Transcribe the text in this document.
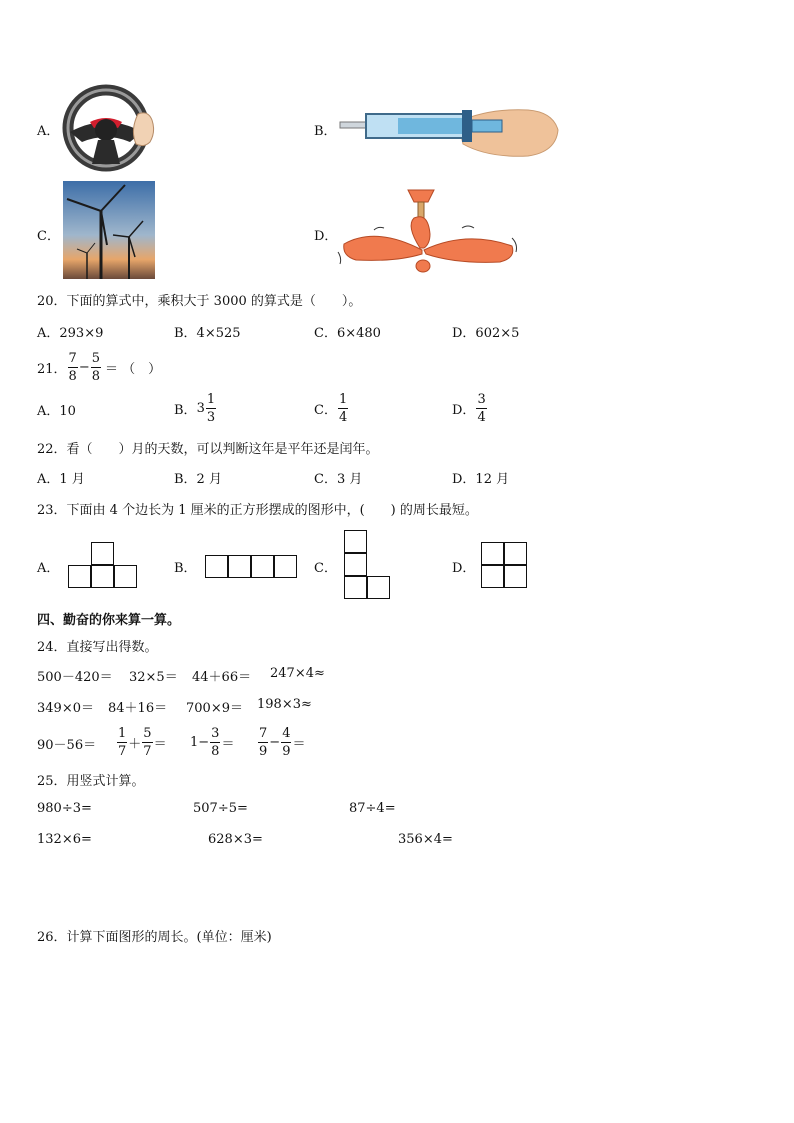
A．	B．
C．	D．
20．下面的算式中，乘积大于 3000 的算式是（　　）。
A．293×9	B．4×525	C．6×480	D．602×5
21． $\frac{7}{8} - \frac{5}{8}$ ＝ （　）
A．10	B． $3 \frac{1}{3}$	C． $\frac{1}{4}$	D． $\frac{3}{4}$
22．看（　　）月的天数，可以判断这年是平年还是闰年。
A．1 月	B．2 月	C．3 月	D．12 月
23．下面由 4 个边长为 1 厘米的正方形摆成的图形中，(　　) 的周长最短。
A．	B．	C．	D．
四、勤奋的你来算一算。
24．直接写出得数。
500－420＝ 32×5＝ 44＋66＝ 247×4≈
349×0＝ 84＋16＝ 700×9＝ 198×3≈
$90-56= \frac{1}{7} + \frac{5}{7} = 1- \frac{3}{8} = \frac{7}{9} - \frac{4}{9}$ ＝
25．用竖式计算。
980÷3=	507÷5=	87÷4=
132×6=	628×3=	356×4=
26．计算下面图形的周长。(单位：厘米)
